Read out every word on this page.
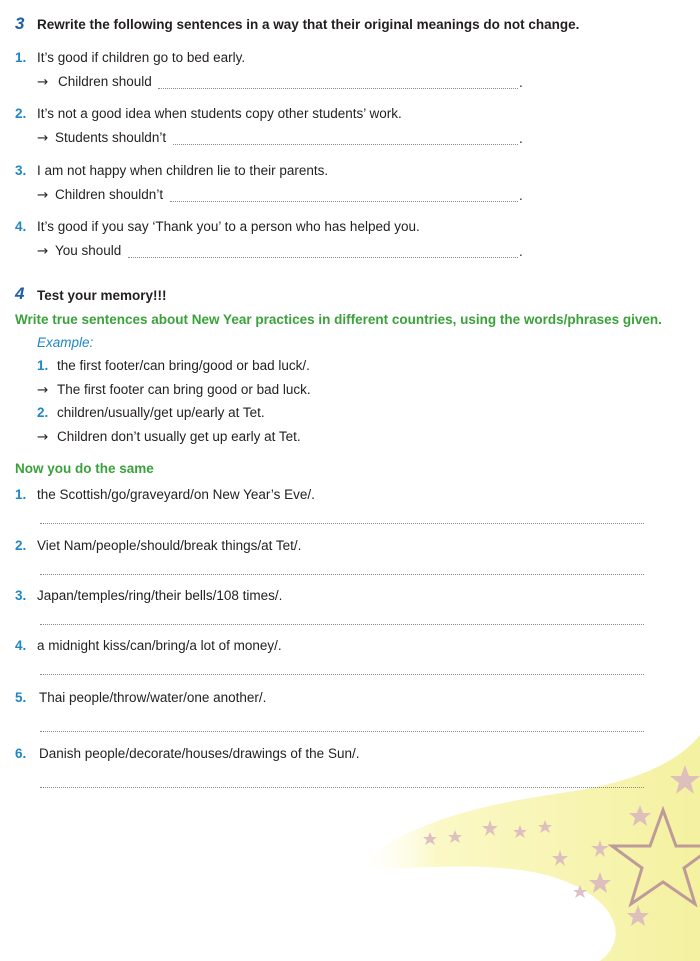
3 Rewrite the following sentences in a way that their original meanings do not change.
1. It’s good if children go to bed early.
→ Children should	.
2. It’s not a good idea when students copy other students’ work.
→ Students shouldn’t	.
3. I am not happy when children lie to their parents.
→ Children shouldn’t	.
4. It’s good if you say ‘Thank you’ to a person who has helped you.
→ You should	.
4 Test your memory!!!
Write true sentences about New Year practices in different countries, using the words/phrases given.
Example:
1. the first footer/can bring/good or bad luck/.
→ The first footer can bring good or bad luck.
2. children/usually/get up/early at Tet.
→ Children don’t usually get up early at Tet.
Now you do the same
1. the Scottish/go/graveyard/on New Year’s Eve/.
2. Viet Nam/people/should/break things/at Tet/.
3. Japan/temples/ring/their bells/108 times/.
4. a midnight kiss/can/bring/a lot of money/.
5. Thai people/throw/water/one another/.
6. Danish people/decorate/houses/drawings of the Sun/.
